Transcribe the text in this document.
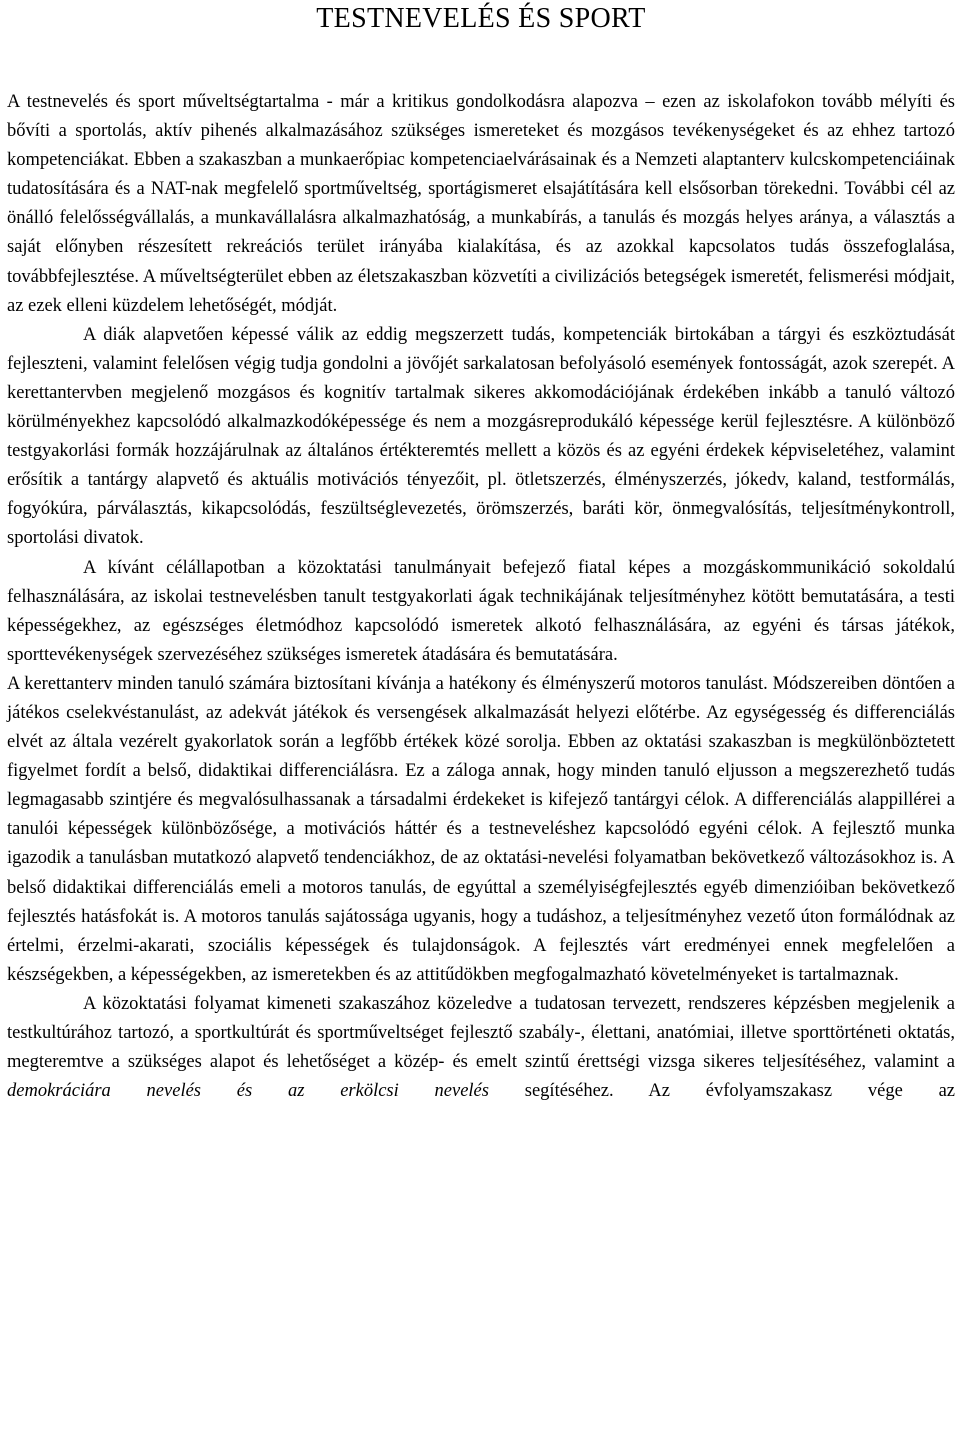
TESTNEVELÉS ÉS SPORT

A testnevelés és sport műveltségtartalma - már a kritikus gondolkodásra alapozva – ezen az iskolafokon tovább mélyíti és bővíti a sportolás, aktív pihenés alkalmazásához szükséges ismereteket és mozgásos tevékenységeket és az ehhez tartozó kompetenciákat. Ebben a szakaszban a munkaerőpiac kompetenciaelvárásainak és a Nemzeti alaptanterv kulcskompetenciáinak tudatosítására és a NAT-nak megfelelő sportműveltség, sportágismeret elsajátítására kell elsősorban törekedni. További cél az önálló felelősségvállalás, a munkavállalásra alkalmazhatóság, a munkabírás, a tanulás és mozgás helyes aránya, a választás a saját előnyben részesített rekreációs terület irányába kialakítása, és az azokkal kapcsolatos tudás összefoglalása, továbbfejlesztése. A műveltségterület ebben az életszakaszban közvetíti a civilizációs betegségek ismeretét, felismerési módjait, az ezek elleni küzdelem lehetőségét, módját.

A diák alapvetően képessé válik az eddig megszerzett tudás, kompetenciák birtokában a tárgyi és eszköztudását fejleszteni, valamint felelősen végig tudja gondolni a jövőjét sarkalatosan befolyásoló események fontosságát, azok szerepét. A kerettantervben megjelenő mozgásos és kognitív tartalmak sikeres akkomodációjának érdekében inkább a tanuló változó körülményekhez kapcsolódó alkalmazkodóképessége és nem a mozgásreprodukáló képessége kerül fejlesztésre. A különböző testgyakorlási formák hozzájárulnak az általános értékteremtés mellett a közös és az egyéni érdekek képviseletéhez, valamint erősítik a tantárgy alapvető és aktuális motivációs tényezőit, pl. ötletszerzés, élményszerzés, jókedv, kaland, testformálás, fogyókúra, párválasztás, kikapcsolódás, feszültséglevezetés, örömszerzés, baráti kör, önmegvalósítás, teljesítménykontroll, sportolási divatok.

A kívánt célállapotban a közoktatási tanulmányait befejező fiatal képes a mozgáskommunikáció sokoldalú felhasználására, az iskolai testnevelésben tanult testgyakorlati ágak technikájának teljesítményhez kötött bemutatására, a testi képességekhez, az egészséges életmódhoz kapcsolódó ismeretek alkotó felhasználására, az egyéni és társas játékok, sporttevékenységek szervezéséhez szükséges ismeretek átadására és bemutatására.

A kerettanterv minden tanuló számára biztosítani kívánja a hatékony és élményszerű motoros tanulást. Módszereiben döntően a játékos cselekvéstanulást, az adekvát játékok és versengések alkalmazását helyezi előtérbe. Az egységesség és differenciálás elvét az általa vezérelt gyakorlatok során a legfőbb értékek közé sorolja. Ebben az oktatási szakaszban is megkülönböztetett figyelmet fordít a belső, didaktikai differenciálásra. Ez a záloga annak, hogy minden tanuló eljusson a megszerezhető tudás legmagasabb szintjére és megvalósulhassanak a társadalmi érdekeket is kifejező tantárgyi célok. A differenciálás alappillérei a tanulói képességek különbözősége, a motivációs háttér és a testneveléshez kapcsolódó egyéni célok. A fejlesztő munka igazodik a tanulásban mutatkozó alapvető tendenciákhoz, de az oktatási-nevelési folyamatban bekövetkező változásokhoz is. A belső didaktikai differenciálás emeli a motoros tanulás, de egyúttal a személyiségfejlesztés egyéb dimenzióiban bekövetkező fejlesztés hatásfokát is. A motoros tanulás sajátossága ugyanis, hogy a tudáshoz, a teljesítményhez vezető úton formálódnak az értelmi, érzelmi-akarati, szociális képességek és tulajdonságok. A fejlesztés várt eredményei ennek megfelelően a készségekben, a képességekben, az ismeretekben és az attitűdökben megfogalmazható követelményeket is tartalmaznak.

A közoktatási folyamat kimeneti szakaszához közeledve a tudatosan tervezett, rendszeres képzésben megjelenik a testkultúrához tartozó, a sportkultúrát és sportműveltséget fejlesztő szabály-, élettani, anatómiai, illetve sporttörténeti oktatás, megteremtve a szükséges alapot és lehetőséget a közép- és emelt szintű érettségi vizsga sikeres teljesítéséhez, valamint a demokráciára nevelés és az erkölcsi nevelés segítéséhez. Az évfolyamszakasz vége az
